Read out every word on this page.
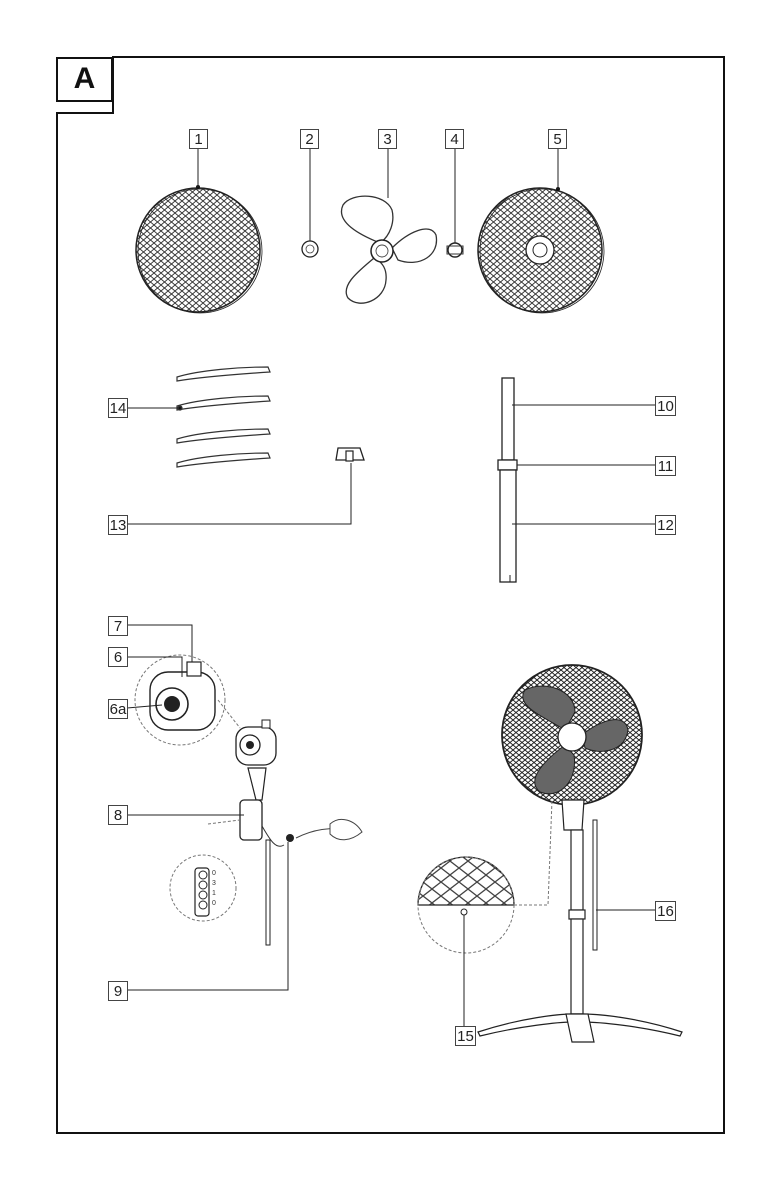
A
1	2	3	4	5
14
13
10
11
12
7
6
6a
8
9
16
15
0
3
1
0
